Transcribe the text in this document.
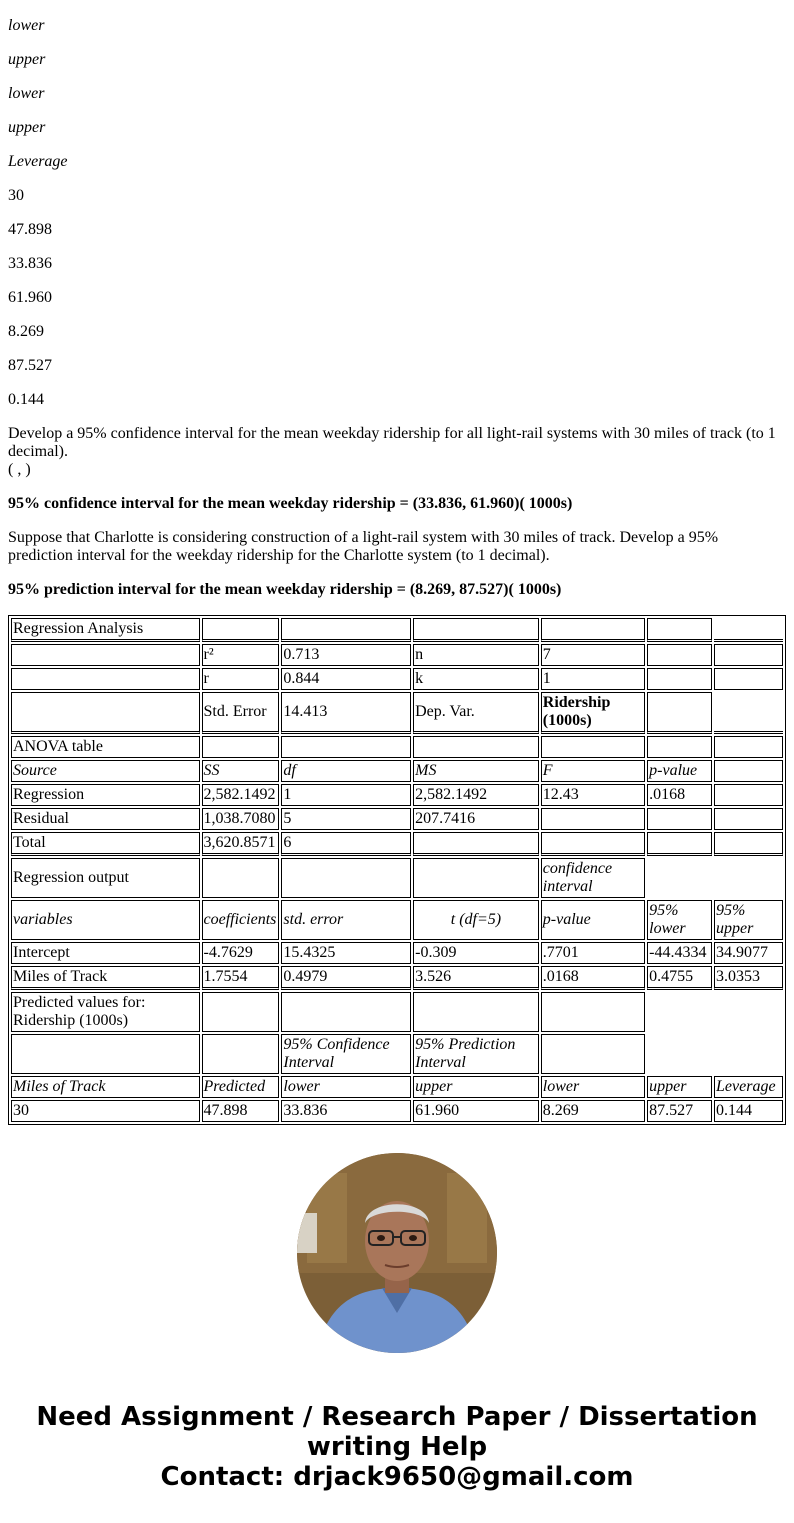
lower

upper

lower

upper

Leverage

30

47.898

33.836

61.960

8.269

87.527

0.144

Develop a 95% confidence interval for the mean weekday ridership for all light-rail systems with 30 miles of track (to 1 decimal).
( , )

95% confidence interval for the mean weekday ridership = (33.836, 61.960)( 1000s)

Suppose that Charlotte is considering construction of a light-rail system with 30 miles of track. Develop a 95% prediction interval for the weekday ridership for the Charlotte system (to 1 decimal).

95% prediction interval for the mean weekday ridership = (8.269, 87.527)( 1000s)

Regression Analysis						
	r²	0.713	n	7		
	r	0.844	k	1		
	Std. Error	14.413	Dep. Var.	Ridership (1000s)		
ANOVA table						
Source	SS	df	MS	F	p-value	
Regression	2,582.1492	1	2,582.1492	12.43	.0168	
Residual	1,038.7080	5	207.7416			
Total	3,620.8571	6				
Regression output				confidence interval		
variables	coefficients	std. error	t (df=5)	p-value	95% lower	95% upper
Intercept	-4.7629	15.4325	-0.309	.7701	-44.4334	34.9077
Miles of Track	1.7554	0.4979	3.526	.0168	0.4755	3.0353
Predicted values for: Ridership (1000s)						
		95% Confidence Interval	95% Prediction Interval			
Miles of Track	Predicted	lower	upper	lower	upper	Leverage
30	47.898	33.836	61.960	8.269	87.527	0.144
Need Assignment / Research Paper / Dissertation writing Help
Contact: drjack9650@gmail.com
